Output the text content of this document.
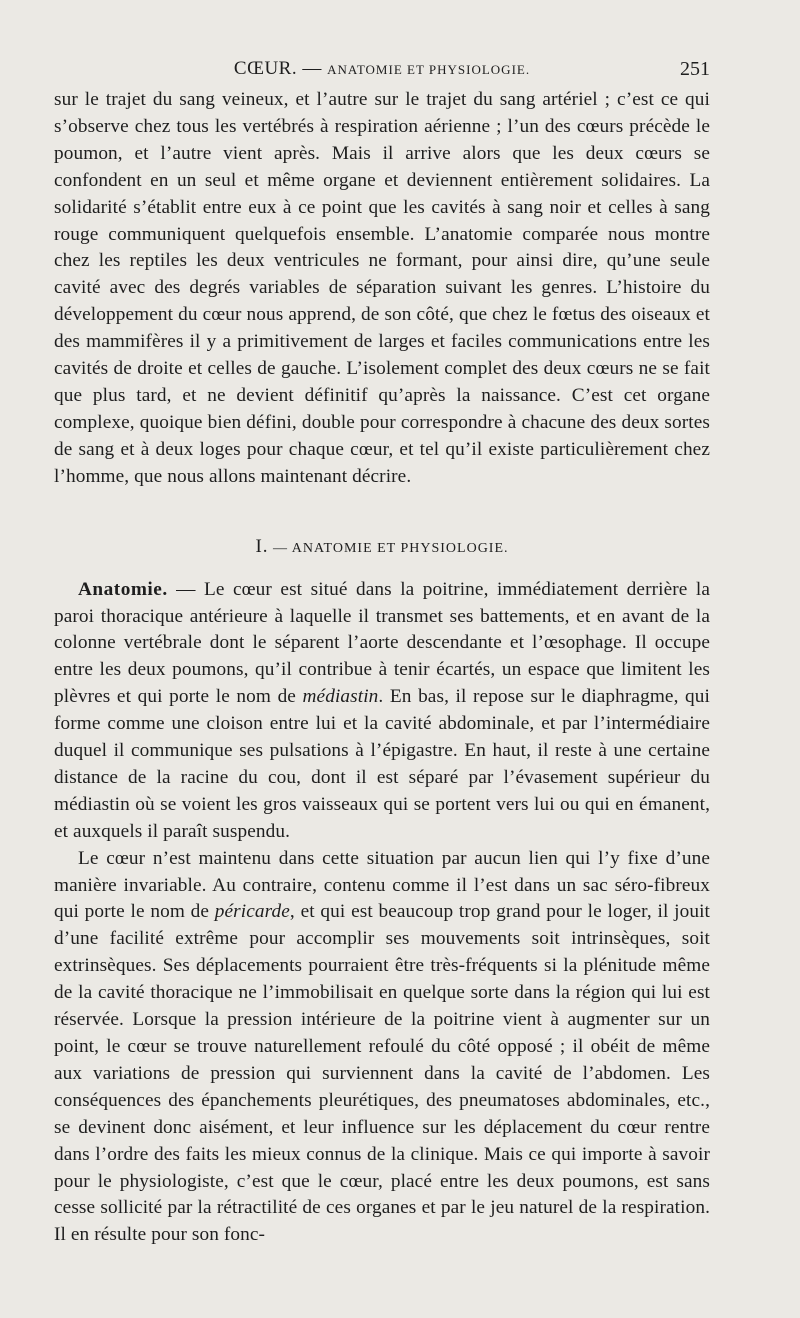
CŒUR. — ANATOMIE ET PHYSIOLOGIE.	251

sur le trajet du sang veineux, et l’autre sur le trajet du sang artériel ; c’est ce qui s’observe chez tous les vertébrés à respiration aérienne ; l’un des cœurs précède le poumon, et l’autre vient après. Mais il arrive alors que les deux cœurs se confondent en un seul et même organe et deviennent entièrement solidaires. La solidarité s’établit entre eux à ce point que les cavités à sang noir et celles à sang rouge communiquent quelquefois ensemble. L’anatomie comparée nous montre chez les reptiles les deux ventricules ne formant, pour ainsi dire, qu’une seule cavité avec des degrés variables de séparation suivant les genres. L’histoire du développement du cœur nous apprend, de son côté, que chez le fœtus des oiseaux et des mammifères il y a primitivement de larges et faciles communications entre les cavités de droite et celles de gauche. L’isolement complet des deux cœurs ne se fait que plus tard, et ne devient définitif qu’après la naissance. C’est cet organe complexe, quoique bien défini, double pour correspondre à chacune des deux sortes de sang et à deux loges pour chaque cœur, et tel qu’il existe particulièrement chez l’homme, que nous allons maintenant décrire.

I. — ANATOMIE ET PHYSIOLOGIE.

Anatomie. — Le cœur est situé dans la poitrine, immédiatement derrière la paroi thoracique antérieure à laquelle il transmet ses battements, et en avant de la colonne vertébrale dont le séparent l’aorte descendante et l’œsophage. Il occupe entre les deux poumons, qu’il contribue à tenir écartés, un espace que limitent les plèvres et qui porte le nom de médiastin. En bas, il repose sur le diaphragme, qui forme comme une cloison entre lui et la cavité abdominale, et par l’intermédiaire duquel il communique ses pulsations à l’épigastre. En haut, il reste à une certaine distance de la racine du cou, dont il est séparé par l’évasement supérieur du médiastin où se voient les gros vaisseaux qui se portent vers lui ou qui en émanent, et auxquels il paraît suspendu.

Le cœur n’est maintenu dans cette situation par aucun lien qui l’y fixe d’une manière invariable. Au contraire, contenu comme il l’est dans un sac séro-fibreux qui porte le nom de péricarde, et qui est beaucoup trop grand pour le loger, il jouit d’une facilité extrême pour accomplir ses mouvements soit intrinsèques, soit extrinsèques. Ses déplacements pourraient être très-fréquents si la plénitude même de la cavité thoracique ne l’immobilisait en quelque sorte dans la région qui lui est réservée. Lorsque la pression intérieure de la poitrine vient à augmenter sur un point, le cœur se trouve naturellement refoulé du côté opposé ; il obéit de même aux variations de pression qui surviennent dans la cavité de l’abdomen. Les conséquences des épanchements pleurétiques, des pneumatoses abdominales, etc., se devinent donc aisément, et leur influence sur les déplacement du cœur rentre dans l’ordre des faits les mieux connus de la clinique. Mais ce qui importe à savoir pour le physiologiste, c’est que le cœur, placé entre les deux poumons, est sans cesse sollicité par la rétractilité de ces organes et par le jeu naturel de la respiration. Il en résulte pour son fonc-
